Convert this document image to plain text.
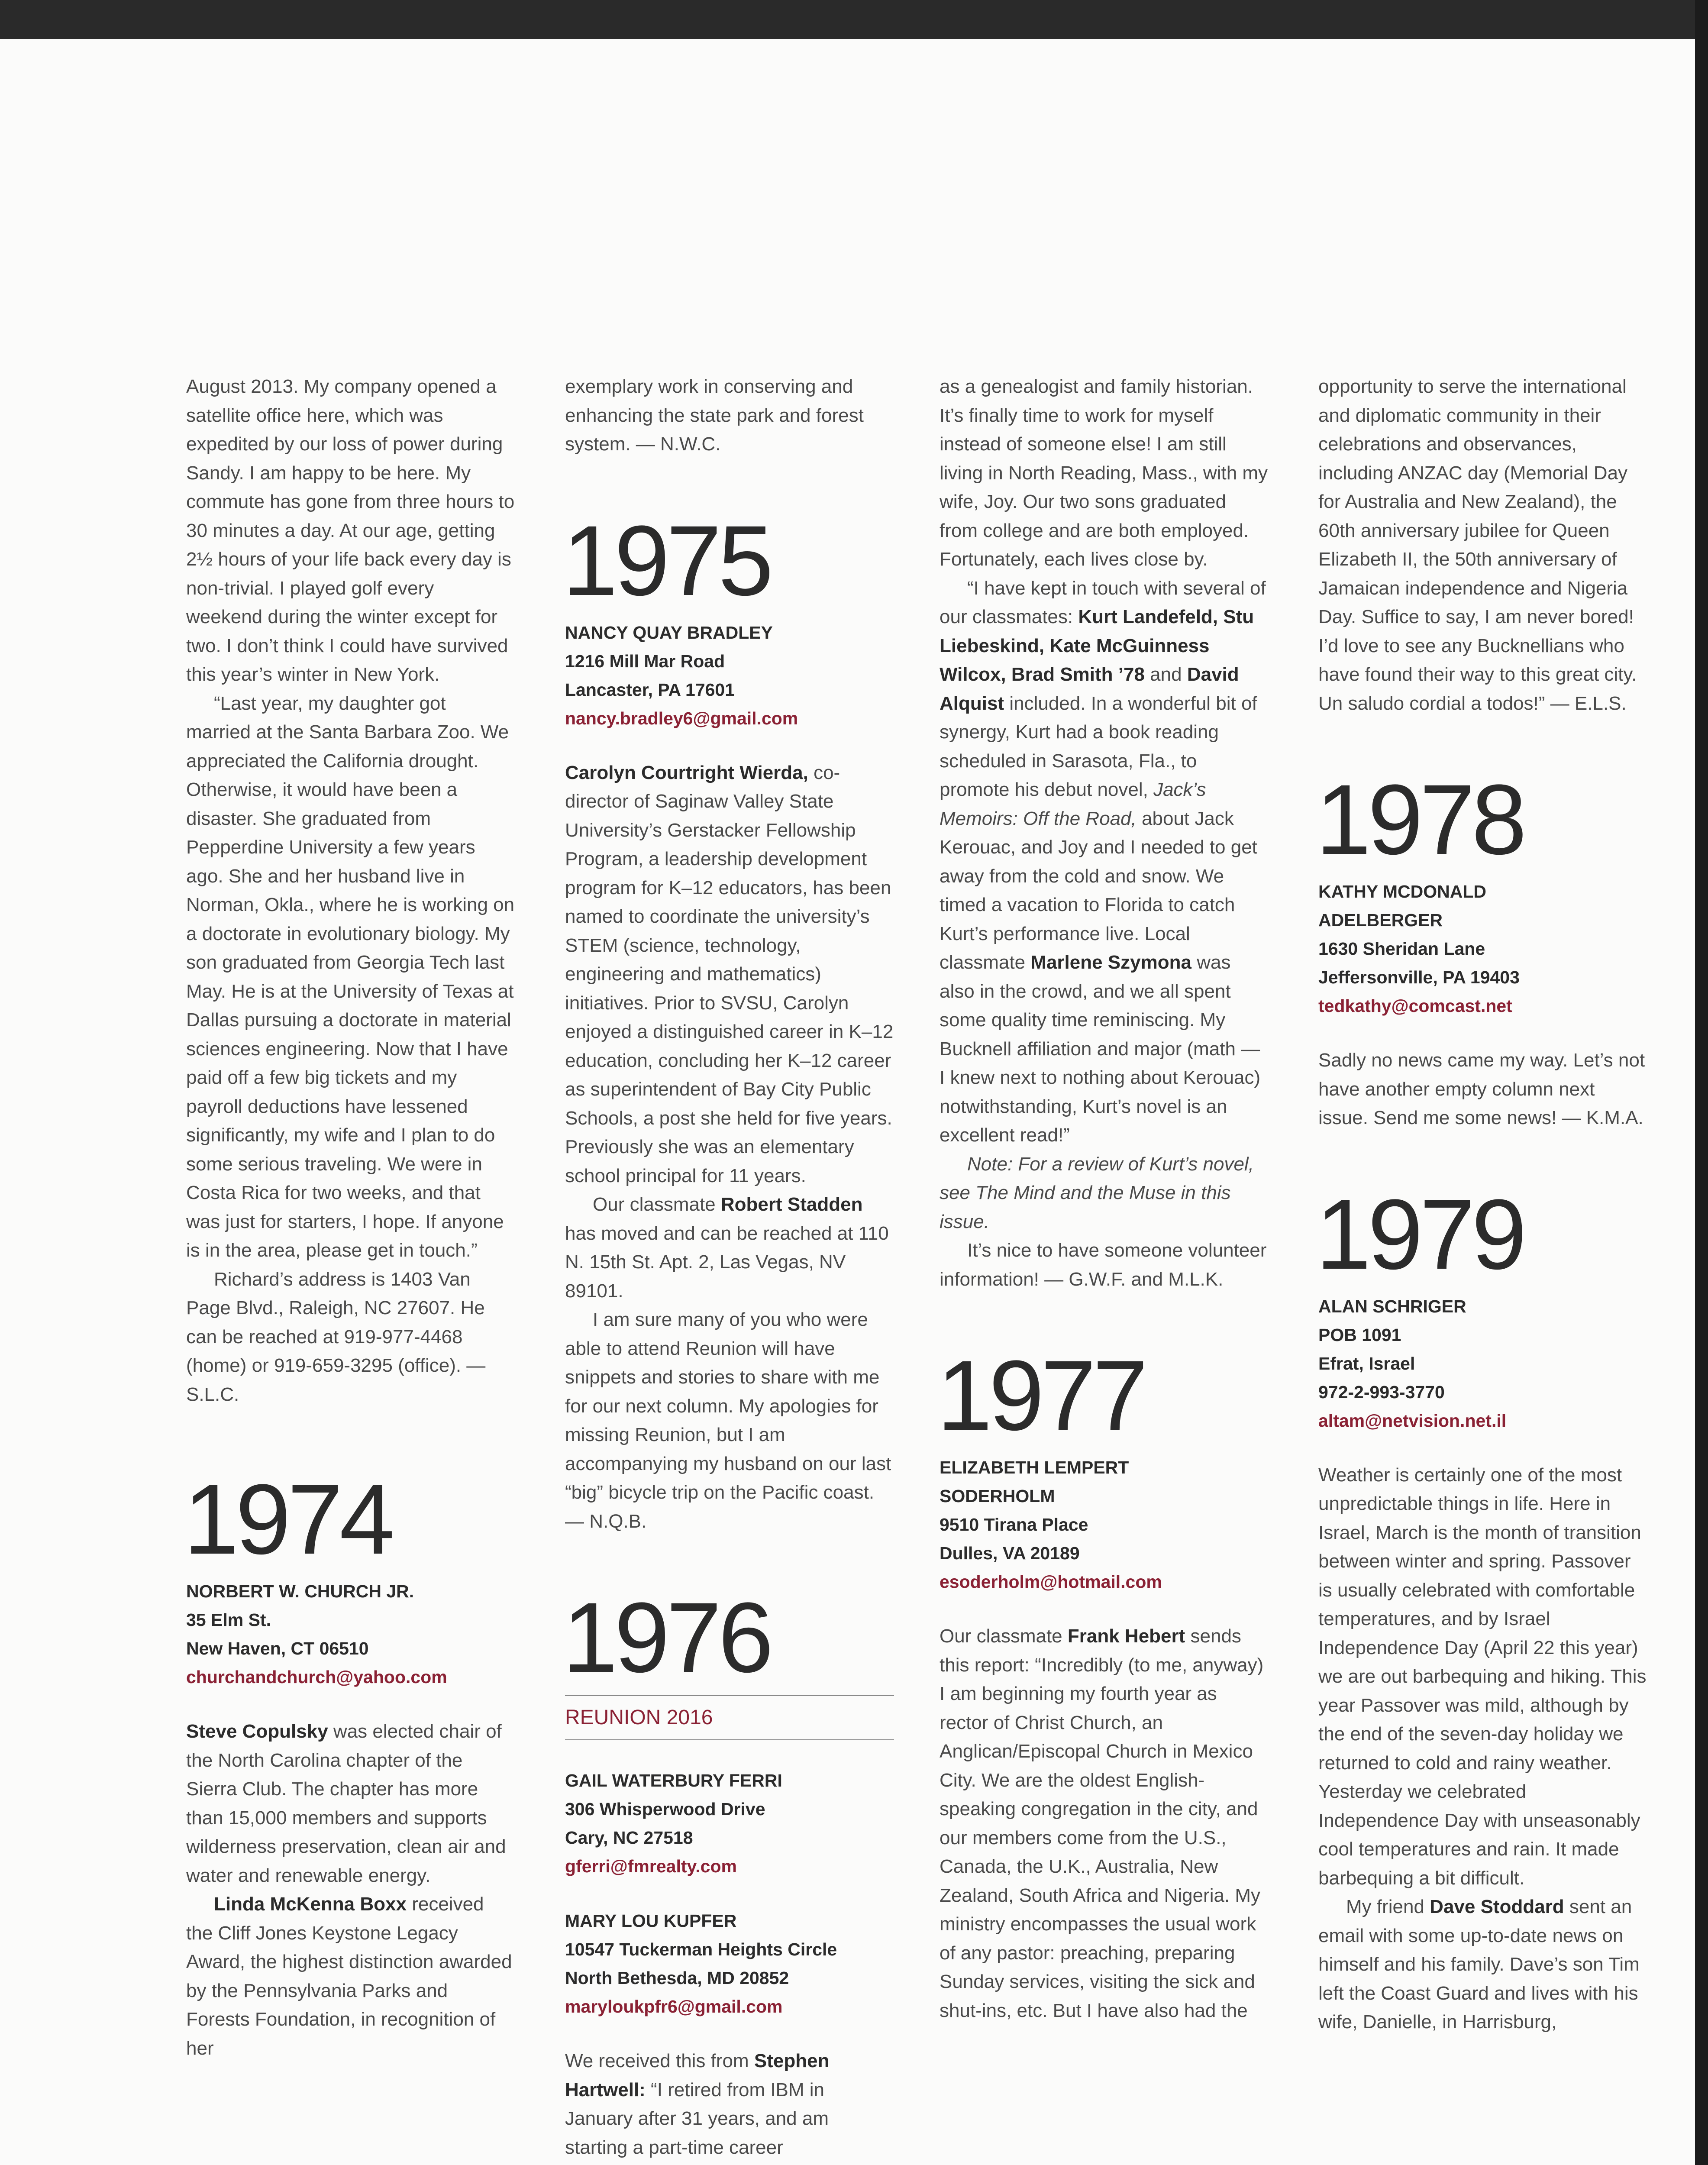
August 2013. My company opened a satellite office here, which was expedited by our loss of power during Sandy. I am happy to be here. My commute has gone from three hours to 30 minutes a day. At our age, getting 2½ hours of your life back every day is non-trivial. I played golf every weekend during the winter except for two. I don’t think I could have survived this year’s winter in New York.

“Last year, my daughter got married at the Santa Barbara Zoo. We appreciated the California drought. Otherwise, it would have been a disaster. She graduated from Pepperdine University a few years ago. She and her husband live in Norman, Okla., where he is working on a doctorate in evolutionary biology. My son graduated from Georgia Tech last May. He is at the University of Texas at Dallas pursuing a doctorate in material sciences engineering. Now that I have paid off a few big tickets and my payroll deductions have lessened significantly, my wife and I plan to do some serious traveling. We were in Costa Rica for two weeks, and that was just for starters, I hope. If anyone is in the area, please get in touch.”

Richard’s address is 1403 Van Page Blvd., Raleigh, NC 27607. He can be reached at 919-977-4468 (home) or 919-659-3295 (office). — S.L.C.

1974
NORBERT W. CHURCH JR.
35 Elm St.
New Haven, CT 06510
churchandchurch@yahoo.com

Steve Copulsky was elected chair of the North Carolina chapter of the Sierra Club. The chapter has more than 15,000 members and supports wilderness preservation, clean air and water and renewable energy.

Linda McKenna Boxx received the Cliff Jones Keystone Legacy Award, the highest distinction awarded by the Pennsylvania Parks and Forests Foundation, in recognition of her

exemplary work in conserving and enhancing the state park and forest system. — N.W.C.

1975
NANCY QUAY BRADLEY
1216 Mill Mar Road
Lancaster, PA 17601
nancy.bradley6@gmail.com

Carolyn Courtright Wierda, co-director of Saginaw Valley State University’s Gerstacker Fellowship Program, a leadership development program for K–12 educators, has been named to coordinate the university’s STEM (science, technology, engineering and mathematics) initiatives. Prior to SVSU, Carolyn enjoyed a distinguished career in K–12 education, concluding her K–12 career as superintendent of Bay City Public Schools, a post she held for five years. Previously she was an elementary school principal for 11 years.

Our classmate Robert Stadden has moved and can be reached at 110 N. 15th St. Apt. 2, Las Vegas, NV 89101.

I am sure many of you who were able to attend Reunion will have snippets and stories to share with me for our next column. My apologies for missing Reunion, but I am accompanying my husband on our last “big” bicycle trip on the Pacific coast. — N.Q.B.

1976
REUNION 2016
GAIL WATERBURY FERRI
306 Whisperwood Drive
Cary, NC 27518
gferri@fmrealty.com
MARY LOU KUPFER
10547 Tuckerman Heights Circle
North Bethesda, MD 20852
maryloukpfr6@gmail.com

We received this from Stephen Hartwell: “I retired from IBM in January after 31 years, and am starting a part-time career

as a genealogist and family historian. It’s finally time to work for myself instead of someone else! I am still living in North Reading, Mass., with my wife, Joy. Our two sons graduated from college and are both employed. Fortunately, each lives close by.

“I have kept in touch with several of our classmates: Kurt Landefeld, Stu Liebeskind, Kate McGuinness Wilcox, Brad Smith ’78 and David Alquist included. In a wonderful bit of synergy, Kurt had a book reading scheduled in Sarasota, Fla., to promote his debut novel, Jack’s Memoirs: Off the Road, about Jack Kerouac, and Joy and I needed to get away from the cold and snow. We timed a vacation to Florida to catch Kurt’s performance live. Local classmate Marlene Szymona was also in the crowd, and we all spent some quality time reminiscing. My Bucknell affiliation and major (math — I knew next to nothing about Kerouac) notwithstanding, Kurt’s novel is an excellent read!”

Note: For a review of Kurt’s novel, see The Mind and the Muse in this issue.

It’s nice to have someone volunteer information! — G.W.F. and M.L.K.

1977
ELIZABETH LEMPERT
SODERHOLM
9510 Tirana Place
Dulles, VA 20189
esoderholm@hotmail.com

Our classmate Frank Hebert sends this report: “Incredibly (to me, anyway) I am beginning my fourth year as rector of Christ Church, an Anglican/Episcopal Church in Mexico City. We are the oldest English-speaking congregation in the city, and our members come from the U.S., Canada, the U.K., Australia, New Zealand, South Africa and Nigeria. My ministry encompasses the usual work of any pastor: preaching, preparing Sunday services, visiting the sick and shut-ins, etc. But I have also had the

opportunity to serve the international and diplomatic community in their celebrations and observances, including ANZAC day (Memorial Day for Australia and New Zealand), the 60th anniversary jubilee for Queen Elizabeth II, the 50th anniversary of Jamaican independence and Nigeria Day. Suffice to say, I am never bored! I’d love to see any Bucknellians who have found their way to this great city. Un saludo cordial a todos!” — E.L.S.

1978
KATHY MCDONALD
ADELBERGER
1630 Sheridan Lane
Jeffersonville, PA 19403
tedkathy@comcast.net

Sadly no news came my way. Let’s not have another empty column next issue. Send me some news! — K.M.A.

1979
ALAN SCHRIGER
POB 1091
Efrat, Israel
972-2-993-3770
altam@netvision.net.il

Weather is certainly one of the most unpredictable things in life. Here in Israel, March is the month of transition between winter and spring. Passover is usually celebrated with comfortable temperatures, and by Israel Independence Day (April 22 this year) we are out barbequing and hiking. This year Passover was mild, although by the end of the seven-day holiday we returned to cold and rainy weather. Yesterday we celebrated Independence Day with unseasonably cool temperatures and rain. It made barbequing a bit difficult.

My friend Dave Stoddard sent an email with some up-to-date news on himself and his family. Dave’s son Tim left the Coast Guard and lives with his wife, Danielle, in Harrisburg,
